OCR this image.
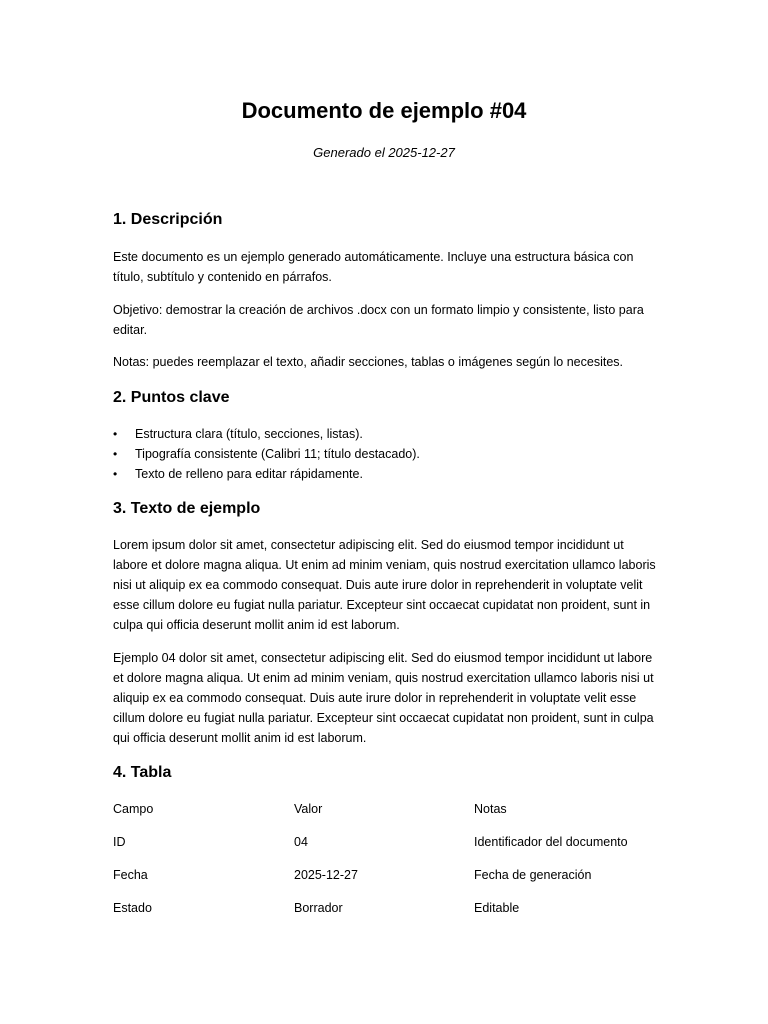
Documento de ejemplo #04

Generado el 2025-12-27

1. Descripción

Este documento es un ejemplo generado automáticamente. Incluye una estructura básica con título, subtítulo y contenido en párrafos.

Objetivo: demostrar la creación de archivos .docx con un formato limpio y consistente, listo para editar.

Notas: puedes reemplazar el texto, añadir secciones, tablas o imágenes según lo necesites.

2. Puntos clave
•	Estructura clara (título, secciones, listas).
•	Tipografía consistente (Calibri 11; título destacado).
•	Texto de relleno para editar rápidamente.
3. Texto de ejemplo

Lorem ipsum dolor sit amet, consectetur adipiscing elit. Sed do eiusmod tempor incididunt ut labore et dolore magna aliqua. Ut enim ad minim veniam, quis nostrud exercitation ullamco laboris nisi ut aliquip ex ea commodo consequat. Duis aute irure dolor in reprehenderit in voluptate velit esse cillum dolore eu fugiat nulla pariatur. Excepteur sint occaecat cupidatat non proident, sunt in culpa qui officia deserunt mollit anim id est laborum.

Ejemplo 04 dolor sit amet, consectetur adipiscing elit. Sed do eiusmod tempor incididunt ut labore et dolore magna aliqua. Ut enim ad minim veniam, quis nostrud exercitation ullamco laboris nisi ut aliquip ex ea commodo consequat. Duis aute irure dolor in reprehenderit in voluptate velit esse cillum dolore eu fugiat nulla pariatur. Excepteur sint occaecat cupidatat non proident, sunt in culpa qui officia deserunt mollit anim id est laborum.

4. Tabla
Campo	Valor	Notas
ID	04	Identificador del documento
Fecha	2025-12-27	Fecha de generación
Estado	Borrador	Editable
